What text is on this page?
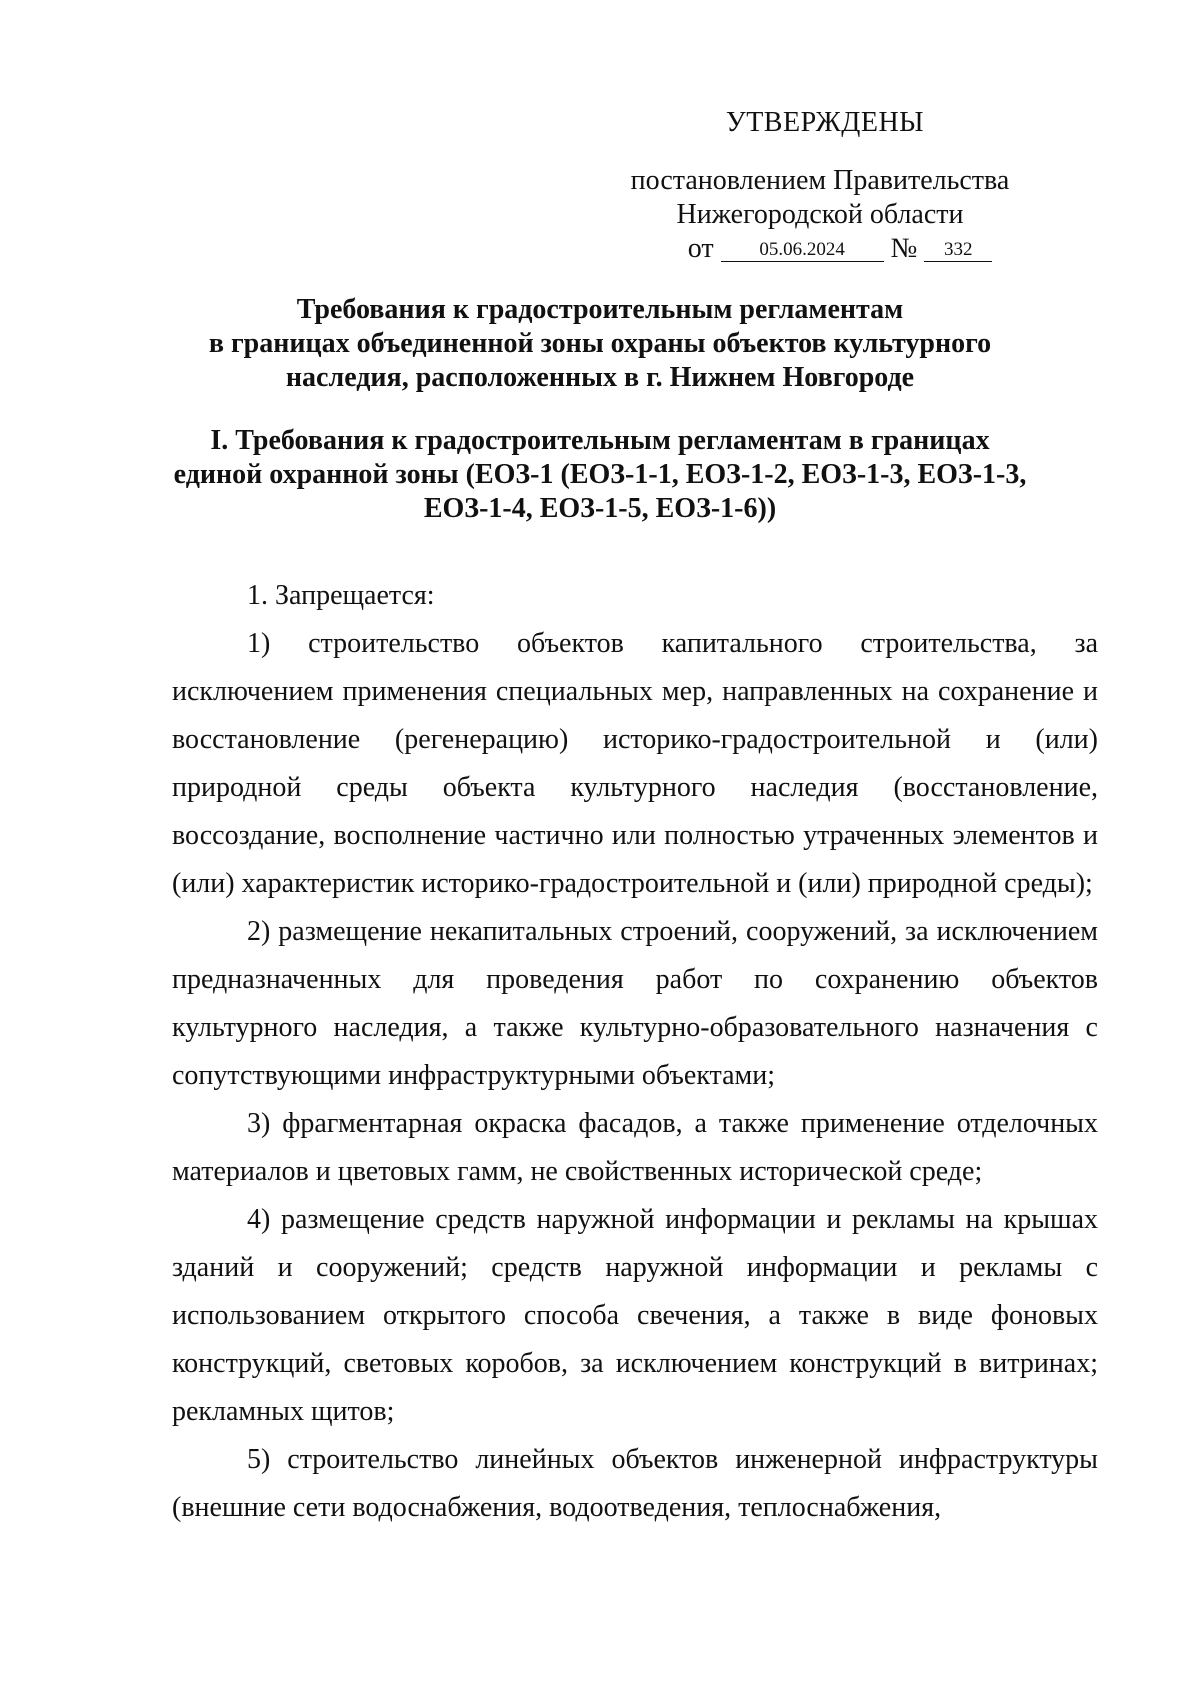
УТВЕРЖДЕНЫ
постановлением Правительства
Нижегородской области
от 05.06.2024 № 332
Требования к градостроительным регламентам
в границах объединенной зоны охраны объектов культурного
наследия, расположенных в г. Нижнем Новгороде
I. Требования к градостроительным регламентам в границах
единой охранной зоны (ЕОЗ-1 (ЕОЗ-1-1, ЕОЗ-1-2, ЕОЗ-1-3, ЕОЗ-1-3,
ЕОЗ-1-4, ЕОЗ-1-5, ЕОЗ-1-6))

1. Запрещается:

1) строительство объектов капитального строительства, за исключением применения специальных мер, направленных на сохранение и восстановление (регенерацию) историко-градостроительной и (или) природной среды объекта культурного наследия (восстановление, воссоздание, восполнение частично или полностью утраченных элементов и (или) характеристик историко-градостроительной и (или) природной среды);

2) размещение некапитальных строений, сооружений, за исключением предназначенных для проведения работ по сохранению объектов культурного наследия, а также культурно-образовательного назначения с сопутствующими инфраструктурными объектами;

3) фрагментарная окраска фасадов, а также применение отделочных материалов и цветовых гамм, не свойственных исторической среде;

4) размещение средств наружной информации и рекламы на крышах зданий и сооружений; средств наружной информации и рекламы с использованием открытого способа свечения, а также в виде фоновых конструкций, световых коробов, за исключением конструкций в витринах; рекламных щитов;

5) строительство линейных объектов инженерной инфраструктуры (внешние сети водоснабжения, водоотведения, теплоснабжения,
